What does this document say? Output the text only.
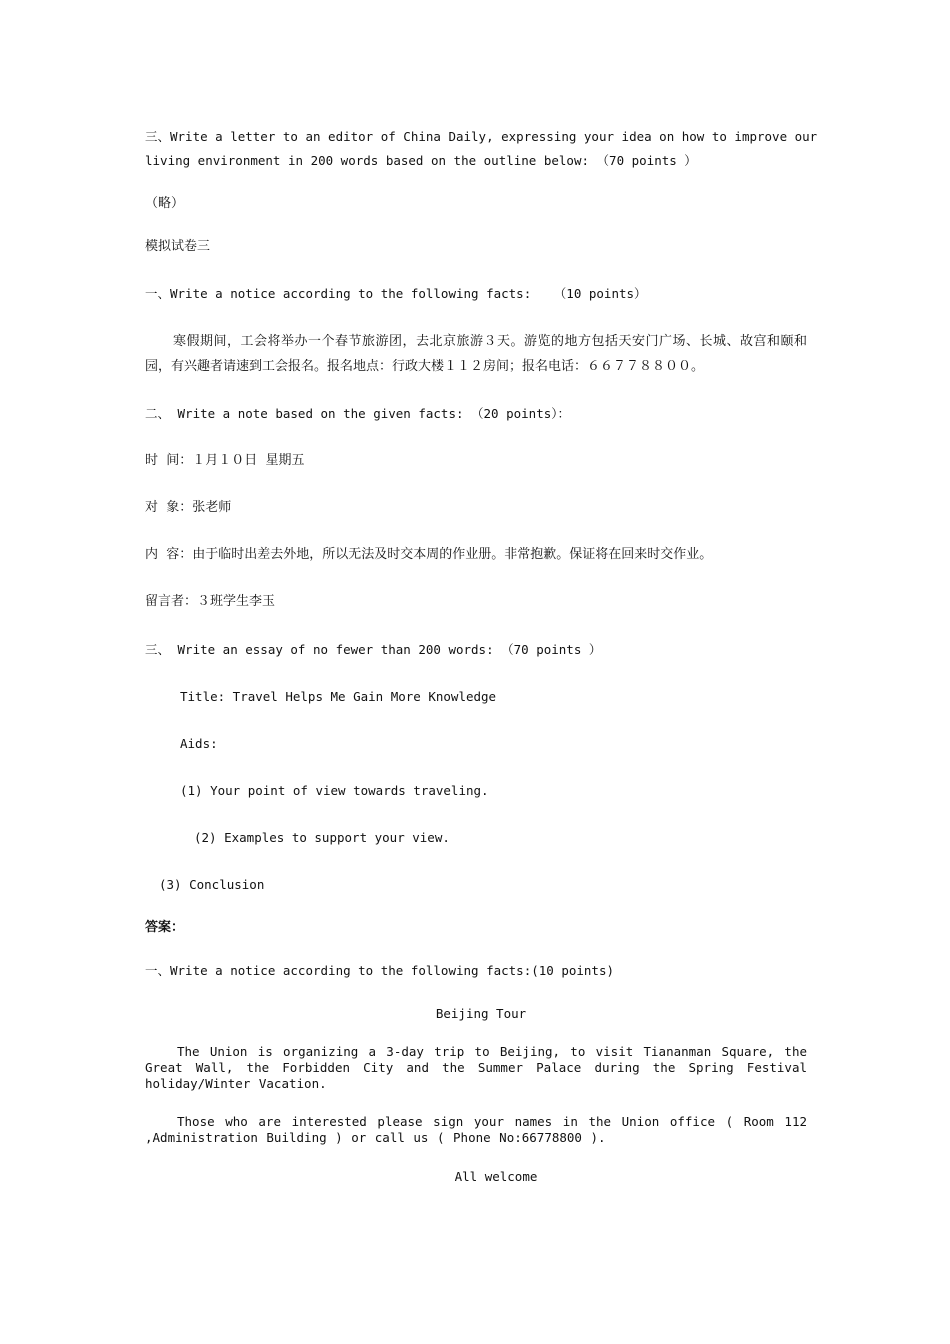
三、Write a letter to an editor of China Daily, expressing your idea on how to improve our
living environment in 200 words based on the outline below: （70 points ）
（略）
模拟试卷三
一、Write a notice according to the following facts:   （10 points）
寒假期间，工会将举办一个春节旅游团，去北京旅游３天。游览的地方包括天安门广场、长城、故宫和颐和园，有兴趣者请速到工会报名。报名地点：行政大楼１１２房间；报名电话：６６７７８８００。
二、 Write a note based on the given facts: （20 points）：
时  间：１月１０日  星期五
对  象：张老师
内  容：由于临时出差去外地，所以无法及时交本周的作业册。非常抱歉。保证将在回来时交作业。
留言者：３班学生李玉
三、 Write an essay of no fewer than 200 words: （70 points ）
Title: Travel Helps Me Gain More Knowledge
Aids:
(1) Your point of view towards traveling.
(2) Examples to support your view.
(3) Conclusion
答案：
一、Write a notice according to the following facts:(10 points)
Beijing Tour
The Union is organizing a 3-day trip to Beijing, to visit Tiananman Square, the Great Wall, the Forbidden City and the Summer Palace during the Spring Festival holiday/Winter Vacation.
Those who are interested please sign your names in the Union office ( Room 112 ,Administration Building ) or call us ( Phone No:66778800 ).
All welcome
